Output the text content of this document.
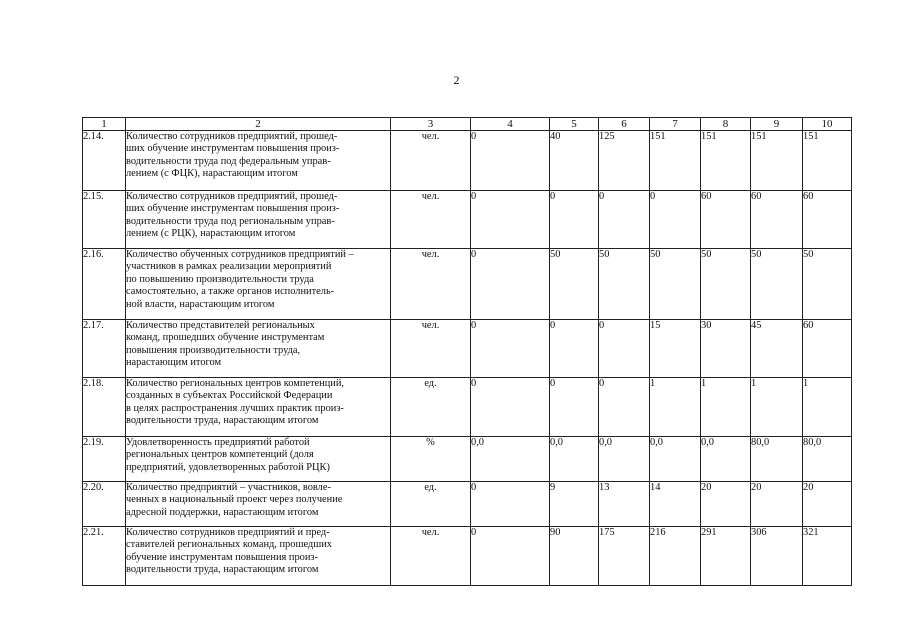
2
1	2	3	4	5	6	7	8	9	10
2.14.	Количество сотрудников предприятий, прошед-
ших обучение инструментам повышения произ-
водительности труда под федеральным управ-
лением (с ФЦК), нарастающим итогом	чел.	0	40	125	151	151	151	151
2.15.	Количество сотрудников предприятий, прошед-
ших обучение инструментам повышения произ-
водительности труда под региональным управ-
лением (с РЦК), нарастающим итогом	чел.	0	0	0	0	60	60	60
2.16.	Количество обученных сотрудников предприятий –
участников в рамках реализации мероприятий
по повышению производительности труда
самостоятельно, а также органов исполнитель-
ной власти, нарастающим итогом	чел.	0	50	50	50	50	50	50
2.17.	Количество представителей региональных
команд, прошедших обучение инструментам
повышения производительности труда,
нарастающим итогом	чел.	0	0	0	15	30	45	60
2.18.	Количество региональных центров компетенций,
созданных в субъектах Российской Федерации
в целях распространения лучших практик произ-
водительности труда, нарастающим итогом	ед.	0	0	0	1	1	1	1
2.19.	Удовлетворенность предприятий работой
региональных центров компетенций (доля
предприятий, удовлетворенных работой РЦК)	%	0,0	0,0	0,0	0,0	0,0	80,0	80,0
2.20.	Количество предприятий – участников, вовле-
ченных в национальный проект через получение
адресной поддержки, нарастающим итогом	ед.	0	9	13	14	20	20	20
2.21.	Количество сотрудников предприятий и пред-
ставителей региональных команд, прошедших
обучение инструментам повышения произ-
водительности труда, нарастающим итогом	чел.	0	90	175	216	291	306	321
